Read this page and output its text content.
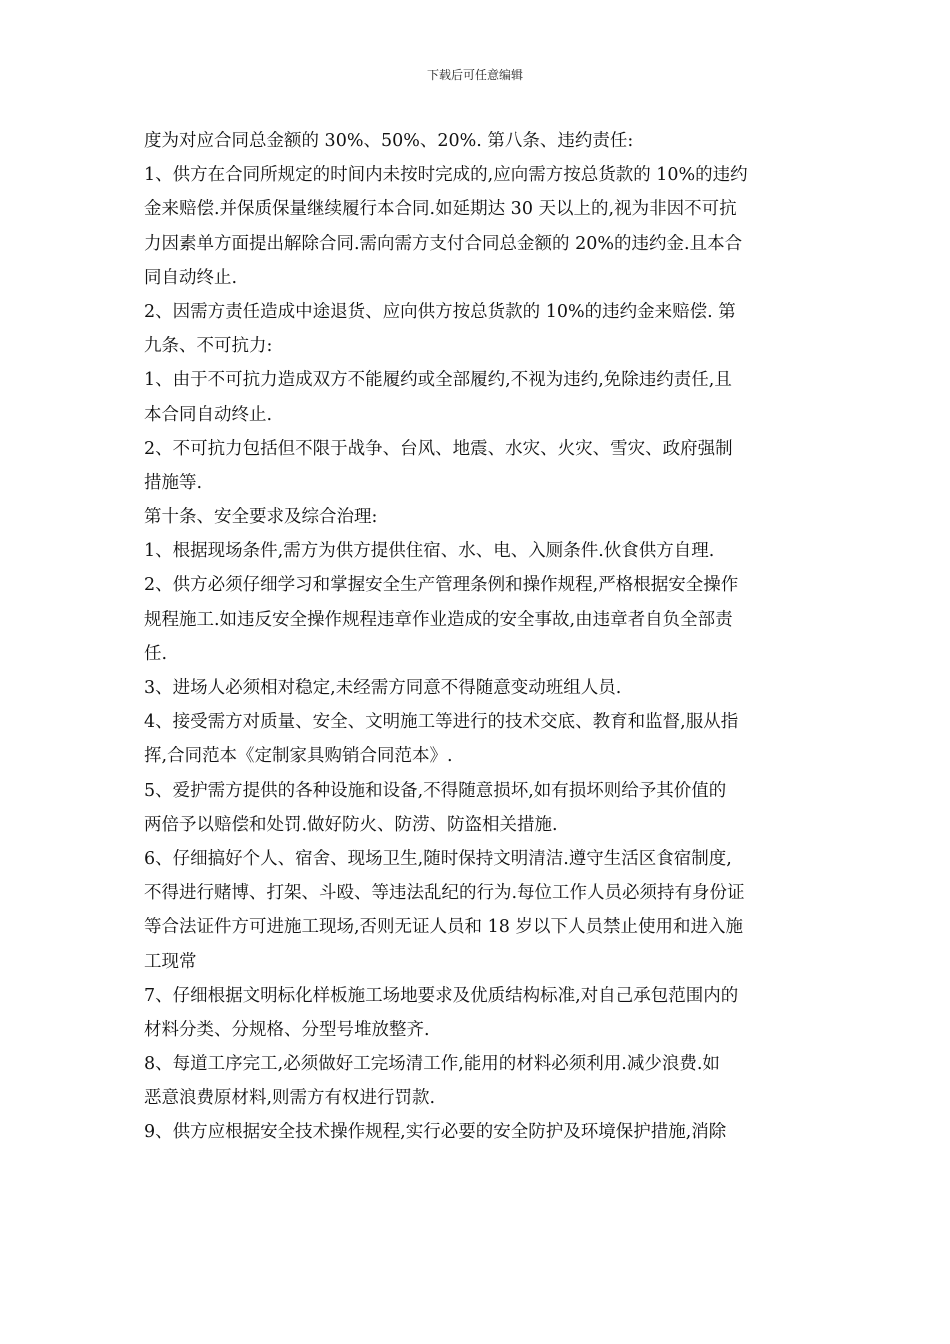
下载后可任意编辑
度为对应合同总金额的 30%、50%、20%. 第八条、违约责任:
1、供方在合同所规定的时间内未按时完成的,应向需方按总货款的 10%的违约
金来赔偿.并保质保量继续履行本合同.如延期达 30 天以上的,视为非因不可抗
力因素单方面提出解除合同.需向需方支付合同总金额的 20%的违约金.且本合
同自动终止.
2、因需方责任造成中途退货、应向供方按总货款的 10%的违约金来赔偿. 第
九条、不可抗力:
1、由于不可抗力造成双方不能履约或全部履约,不视为违约,免除违约责任,且
本合同自动终止.
2、不可抗力包括但不限于战争、台风、地震、水灾、火灾、雪灾、政府强制
措施等.
第十条、安全要求及综合治理:
1、根据现场条件,需方为供方提供住宿、水、电、入厕条件.伙食供方自理.
2、供方必须仔细学习和掌握安全生产管理条例和操作规程,严格根据安全操作
规程施工.如违反安全操作规程违章作业造成的安全事故,由违章者自负全部责
任.
3、进场人必须相对稳定,未经需方同意不得随意变动班组人员.
4、接受需方对质量、安全、文明施工等进行的技术交底、教育和监督,服从指
挥,合同范本《定制家具购销合同范本》.
5、爱护需方提供的各种设施和设备,不得随意损坏,如有损坏则给予其价值的
两倍予以赔偿和处罚.做好防火、防涝、防盗相关措施.
6、仔细搞好个人、宿舍、现场卫生,随时保持文明清洁.遵守生活区食宿制度,
不得进行赌博、打架、斗殴、等违法乱纪的行为.每位工作人员必须持有身份证
等合法证件方可进施工现场,否则无证人员和 18 岁以下人员禁止使用和进入施
工现常
7、仔细根据文明标化样板施工场地要求及优质结构标准,对自己承包范围内的
材料分类、分规格、分型号堆放整齐.
8、每道工序完工,必须做好工完场清工作,能用的材料必须利用.减少浪费.如
恶意浪费原材料,则需方有权进行罚款.
9、供方应根据安全技术操作规程,实行必要的安全防护及环境保护措施,消除
